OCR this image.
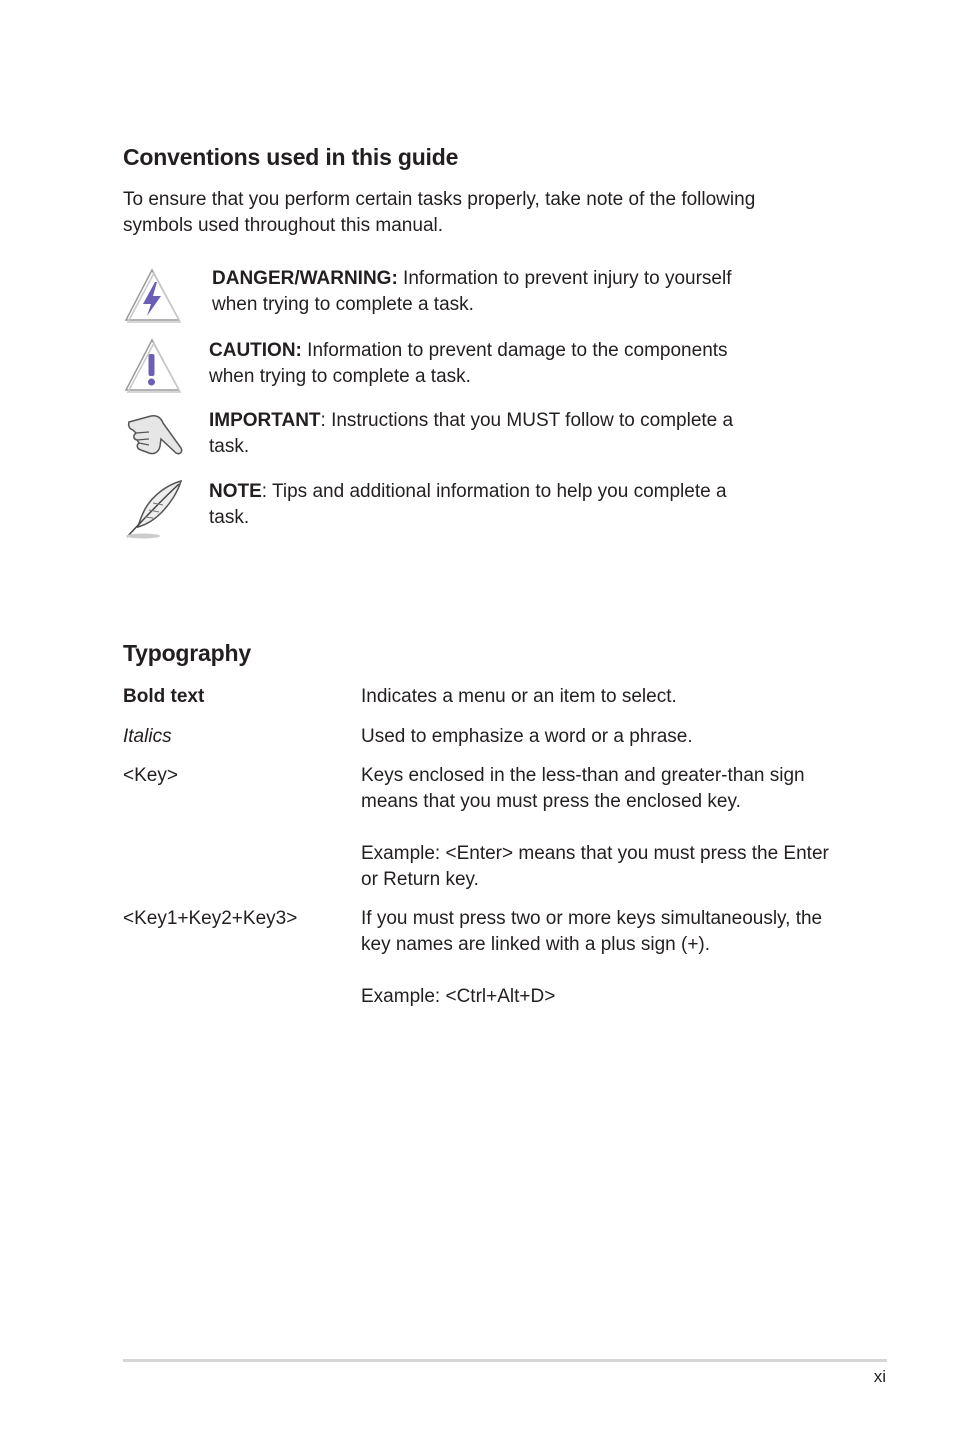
Conventions used in this guide
To ensure that you perform certain tasks properly, take note of the following symbols used throughout this manual.
DANGER/WARNING: Information to prevent injury to yourself when trying to complete a task.
CAUTION: Information to prevent damage to the components when trying to complete a task.
IMPORTANT: Instructions that you MUST follow to complete a task.
NOTE: Tips and additional information to help you complete a task.
Typography
Bold text	Indicates a menu or an item to select.

Italics	Used to emphasize a word or a phrase.

<Key>	Keys enclosed in the less-than and greater-than sign means that you must press the enclosed key.

Example: <Enter> means that you must press the Enter or Return key.

<Key1+Key2+Key3>	If you must press two or more keys simultaneously, the key names are linked with a plus sign (+).

Example: <Ctrl+Alt+D>

xi
